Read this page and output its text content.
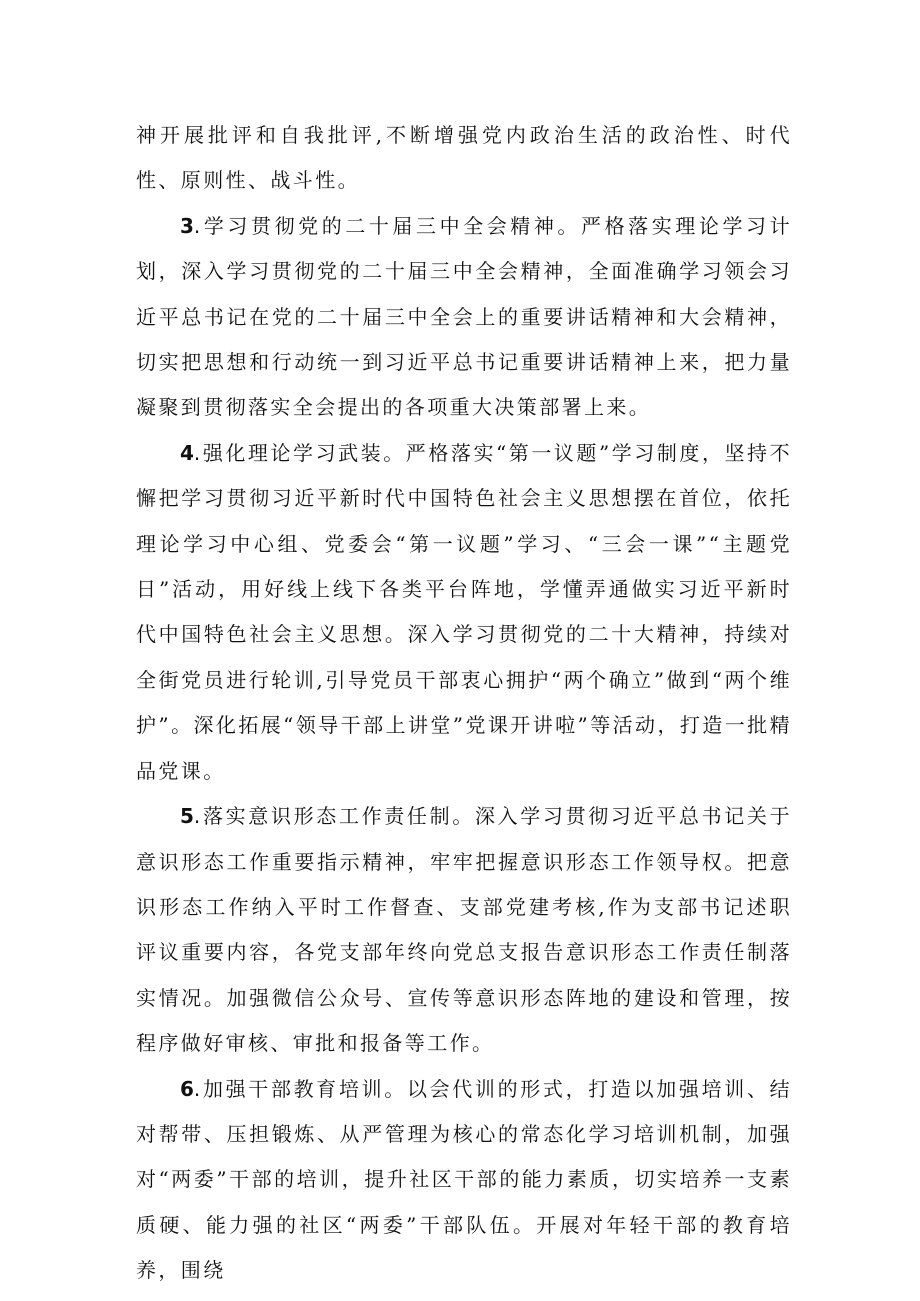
神开展批评和自我批评,不断增强党内政治生活的政治性、时代性、原则性、战斗性。

3.学习贯彻党的二十届三中全会精神。严格落实理论学习计划，深入学习贯彻党的二十届三中全会精神，全面准确学习领会习近平总书记在党的二十届三中全会上的重要讲话精神和大会精神，切实把思想和行动统一到习近平总书记重要讲话精神上来，把力量凝聚到贯彻落实全会提出的各项重大决策部署上来。

4.强化理论学习武装。严格落实“第一议题”学习制度，坚持不懈把学习贯彻习近平新时代中国特色社会主义思想摆在首位，依托理论学习中心组、党委会“第一议题”学习、“三会一课”“主题党日”活动，用好线上线下各类平台阵地，学懂弄通做实习近平新时代中国特色社会主义思想。深入学习贯彻党的二十大精神，持续对全街党员进行轮训,引导党员干部衷心拥护“两个确立”做到“两个维护”。深化拓展“领导干部上讲堂”党课开讲啦”等活动，打造一批精品党课。

5.落实意识形态工作责任制。深入学习贯彻习近平总书记关于意识形态工作重要指示精神，牢牢把握意识形态工作领导权。把意识形态工作纳入平时工作督查、支部党建考核,作为支部书记述职评议重要内容，各党支部年终向党总支报告意识形态工作责任制落实情况。加强微信公众号、宣传等意识形态阵地的建设和管理，按程序做好审核、审批和报备等工作。

6.加强干部教育培训。以会代训的形式，打造以加强培训、结对帮带、压担锻炼、从严管理为核心的常态化学习培训机制，加强对“两委”干部的培训，提升社区干部的能力素质，切实培养一支素质硬、能力强的社区“两委”干部队伍。开展对年轻干部的教育培养，围绕
